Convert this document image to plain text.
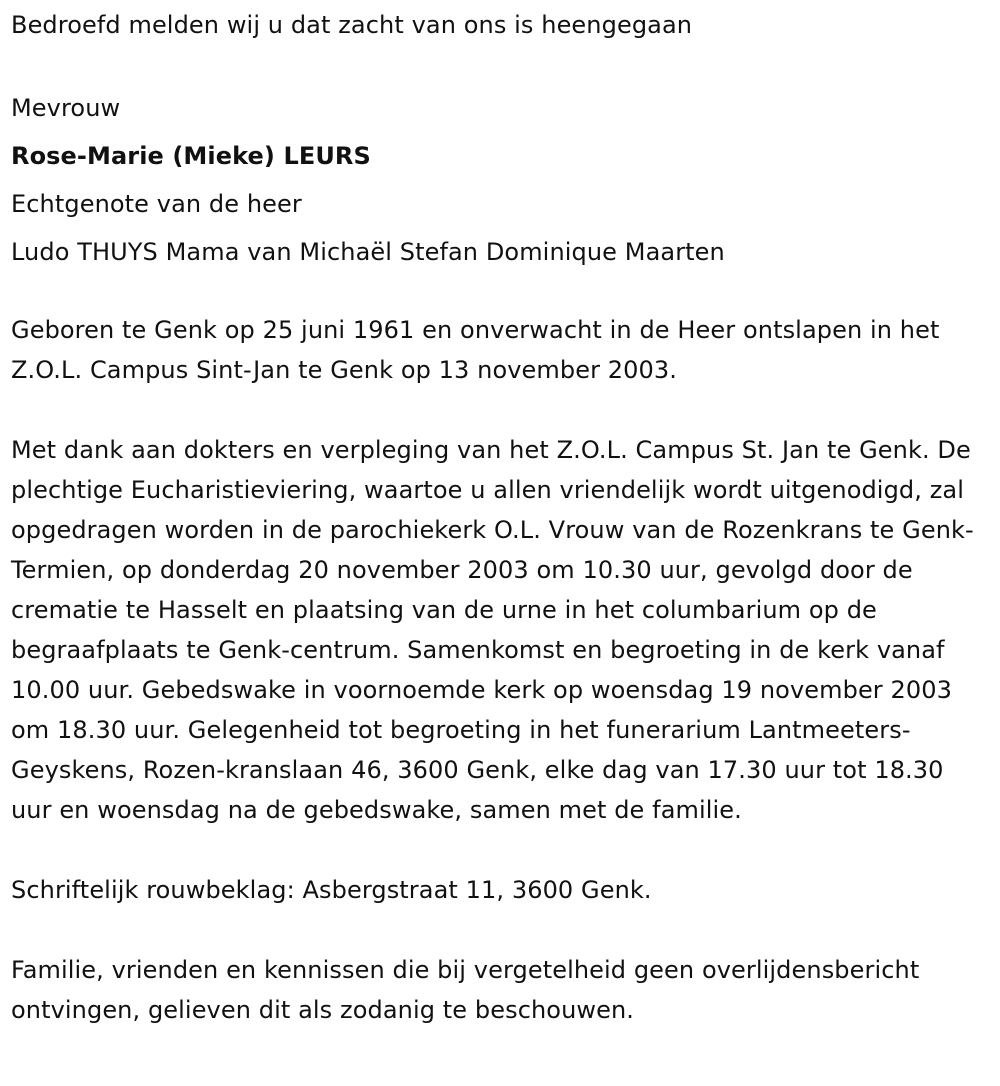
Bedroefd melden wij u dat zacht van ons is heengegaan

Mevrouw

Rose-Marie (Mieke) LEURS

Echtgenote van de heer

Ludo THUYS Mama van Michaël Stefan Dominique Maarten

Geboren te Genk op 25 juni 1961 en onverwacht in de Heer ontslapen in het Z.O.L. Campus Sint-Jan te Genk op 13 november 2003.

Met dank aan dokters en verpleging van het Z.O.L. Campus St. Jan te Genk. De plechtige Eucharistieviering, waartoe u allen vriendelijk wordt uitgenodigd, zal opgedragen worden in de parochiekerk O.L. Vrouw van de Rozenkrans te Genk-Termien, op donderdag 20 november 2003 om 10.30 uur, gevolgd door de crematie te Hasselt en plaatsing van de urne in het columbarium op de begraafplaats te Genk-centrum. Samenkomst en begroeting in de kerk vanaf 10.00 uur. Gebedswake in voornoemde kerk op woensdag 19 november 2003 om 18.30 uur. Gelegenheid tot begroeting in het funerarium Lantmeeters-Geyskens, Rozen-kranslaan 46, 3600 Genk, elke dag van 17.30 uur tot 18.30 uur en woensdag na de gebedswake, samen met de familie.

Schriftelijk rouwbeklag: Asbergstraat 11, 3600 Genk.

Familie, vrienden en kennissen die bij vergetelheid geen overlijdensbericht ontvingen, gelieven dit als zodanig te beschouwen.
